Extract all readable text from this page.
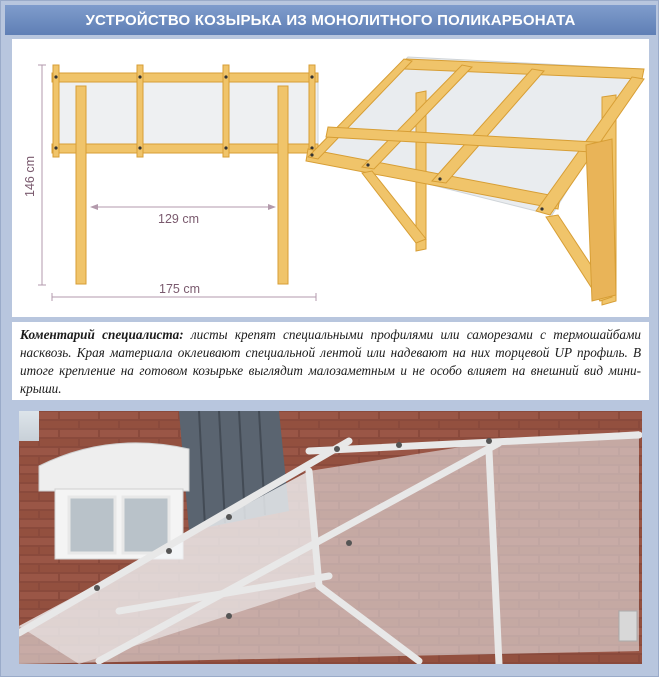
УСТРОЙСТВО КОЗЫРЬКА ИЗ МОНОЛИТНОГО ПОЛИКАРБОНАТА
146 cm
129 cm
175 cm
Коментарий специалиста: листы крепят специальными профилями или саморезами с термошайбами насквозь. Края материала оклеивают специальной лентой или надевают на них торцевой UP профиль. В итоге крепление на готовом козырьке выглядит малозаметным и не особо влияет на внешний вид мини-крыши.
